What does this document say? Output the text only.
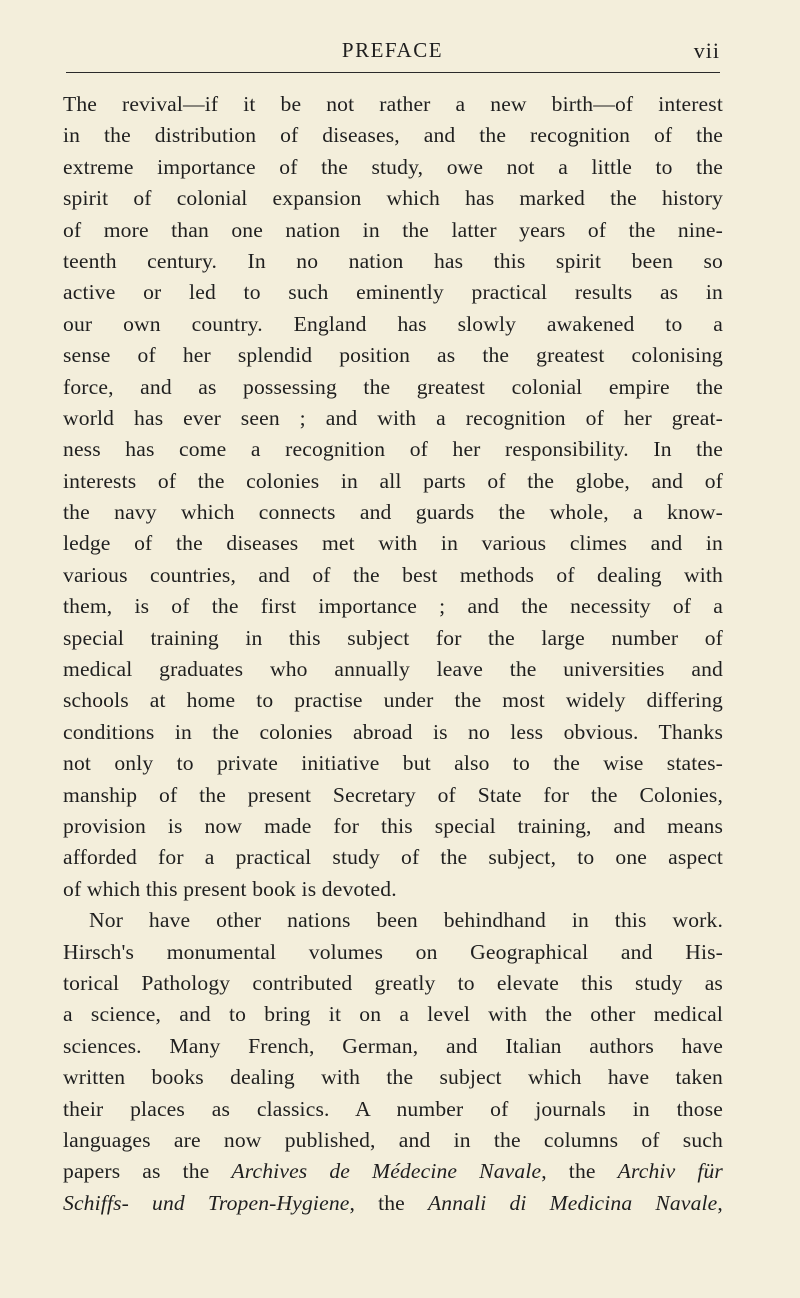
PREFACE	vii
The revival—if it be not rather a new birth—of interest
in the distribution of diseases, and the recognition of the
extreme importance of the study, owe not a little to the
spirit of colonial expansion which has marked the history
of more than one nation in the latter years of the nine-
teenth century. In no nation has this spirit been so
active or led to such eminently practical results as in
our own country. England has slowly awakened to a
sense of her splendid position as the greatest colonising
force, and as possessing the greatest colonial empire the
world has ever seen ; and with a recognition of her great-
ness has come a recognition of her responsibility. In the
interests of the colonies in all parts of the globe, and of
the navy which connects and guards the whole, a know-
ledge of the diseases met with in various climes and in
various countries, and of the best methods of dealing with
them, is of the first importance ; and the necessity of a
special training in this subject for the large number of
medical graduates who annually leave the universities and
schools at home to practise under the most widely differing
conditions in the colonies abroad is no less obvious. Thanks
not only to private initiative but also to the wise states-
manship of the present Secretary of State for the Colonies,
provision is now made for this special training, and means
afforded for a practical study of the subject, to one aspect
of which this present book is devoted.
Nor have other nations been behindhand in this work.
Hirsch's monumental volumes on Geographical and His-
torical Pathology contributed greatly to elevate this study as
a science, and to bring it on a level with the other medical
sciences. Many French, German, and Italian authors have
written books dealing with the subject which have taken
their places as classics. A number of journals in those
languages are now published, and in the columns of such
papers as the Archives de Médecine Navale, the Archiv für
Schiffs- und Tropen-Hygiene, the Annali di Medicina Navale,
